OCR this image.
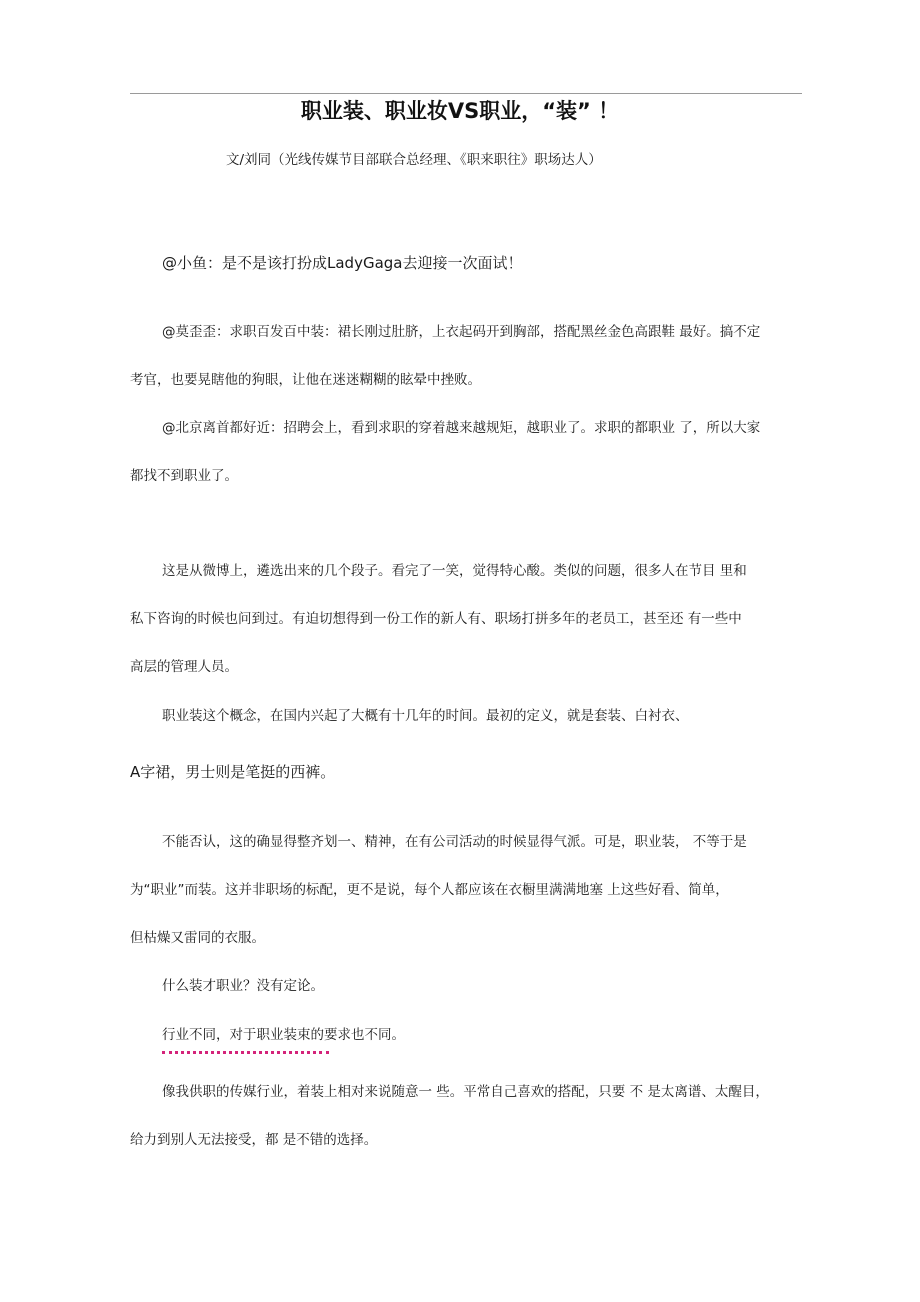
职业装、职业妆VS职业，“装” ！
文/刘同（光线传媒节目部联合总经理、《职来职往》职场达人）
@小鱼：是不是该打扮成LadyGaga去迎接一次面试！
@莫歪歪：求职百发百中装：裙长刚过肚脐，上衣起码开到胸部，搭配黑丝金色高跟鞋 最好。搞不定
考官，也要晃瞎他的狗眼，让他在迷迷糊糊的眩晕中挫败。
@北京离首都好近：招聘会上，看到求职的穿着越来越规矩，越职业了。求职的都职业 了，所以大家
都找不到职业了。
这是从微博上，遴选出来的几个段子。看完了一笑，觉得特心酸。类似的问题，很多人在节目 里和
私下咨询的时候也问到过。有迫切想得到一份工作的新人有、职场打拼多年的老员工，甚至还 有一些中
高层的管理人员。
职业装这个概念，在国内兴起了大概有十几年的时间。最初的定义，就是套装、白衬衣、
A字裙，男士则是笔挺的西裤。
不能否认，这的确显得整齐划一、精神，在有公司活动的时候显得气派。可是，职业装， 不等于是
为“职业”而装。这并非职场的标配，更不是说，每个人都应该在衣橱里满满地塞 上这些好看、简单，
但枯燥又雷同的衣服。
什么装才职业？没有定论。
行业不同，对于职业装束的要求也不同。
像我供职的传媒行业，着装上相对来说随意一 些。平常自己喜欢的搭配，只要 不 是太离谱、太醒目，
给力到别人无法接受，都 是不错的选择。
